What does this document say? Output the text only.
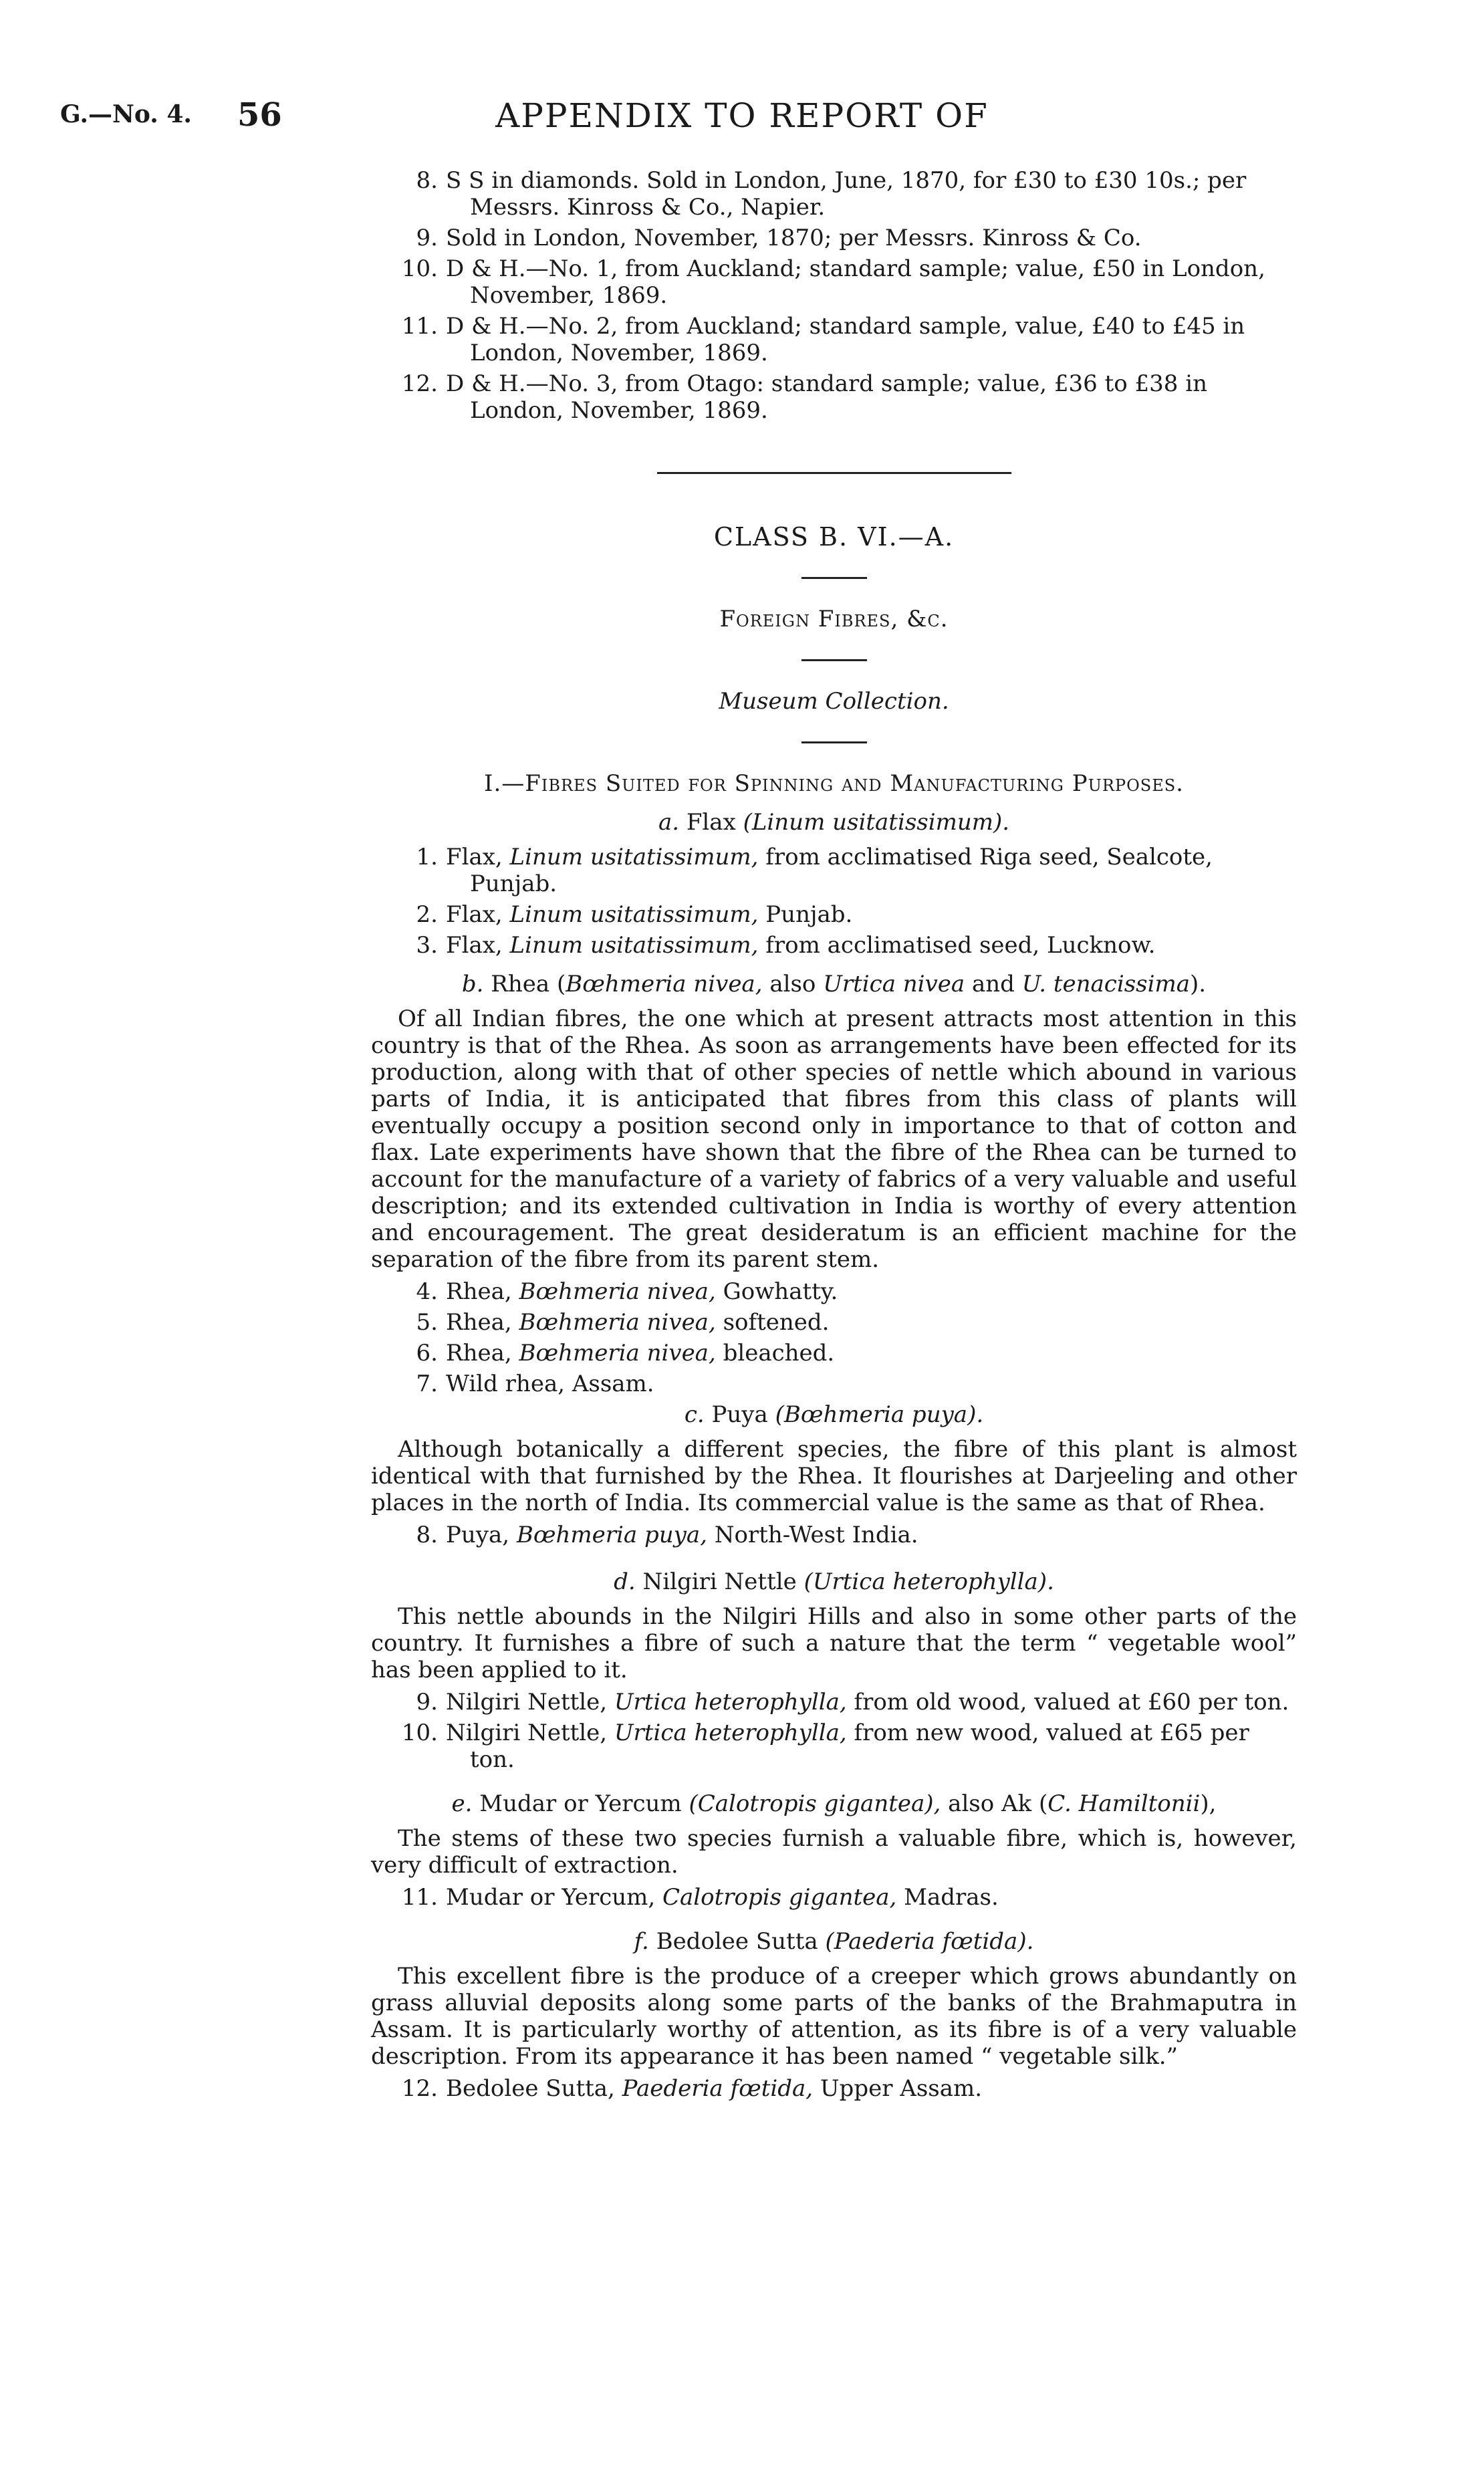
G.—No. 4. 56	APPENDIX TO REPORT OF

8. S S in diamonds. Sold in London, June, 1870, for £30 to £30 10s.; per Messrs. Kinross & Co., Napier.

9. Sold in London, November, 1870; per Messrs. Kinross & Co.

10. D & H.—No. 1, from Auckland; standard sample; value, £50 in London, November, 1869.

11. D & H.—No. 2, from Auckland; standard sample, value, £40 to £45 in London, November, 1869.

12. D & H.—No. 3, from Otago: standard sample; value, £36 to £38 in London, November, 1869.

CLASS B. VI.—A.
Foreign Fibres, &c.
Museum Collection.
I.—Fibres Suited for Spinning and Manufacturing Purposes.
a. Flax (Linum usitatissimum).

1. Flax, Linum usitatissimum, from acclimatised Riga seed, Sealcote, Punjab.

2. Flax, Linum usitatissimum, Punjab.

3. Flax, Linum usitatissimum, from acclimatised seed, Lucknow.

b. Rhea (Bœhmeria nivea, also Urtica nivea and U. tenacissima).

Of all Indian fibres, the one which at present attracts most attention in this country is that of the Rhea. As soon as arrangements have been effected for its production, along with that of other species of nettle which abound in various parts of India, it is anticipated that fibres from this class of plants will eventually occupy a position second only in importance to that of cotton and flax. Late experiments have shown that the fibre of the Rhea can be turned to account for the manufacture of a variety of fabrics of a very valuable and useful description; and its extended cultivation in India is worthy of every attention and encouragement. The great desideratum is an efficient machine for the separation of the fibre from its parent stem.

4. Rhea, Bœhmeria nivea, Gowhatty.

5. Rhea, Bœhmeria nivea, softened.

6. Rhea, Bœhmeria nivea, bleached.

7. Wild rhea, Assam.

c. Puya (Bœhmeria puya).

Although botanically a different species, the fibre of this plant is almost identical with that furnished by the Rhea. It flourishes at Darjeeling and other places in the north of India. Its commercial value is the same as that of Rhea.

8. Puya, Bœhmeria puya, North-West India.

d. Nilgiri Nettle (Urtica heterophylla).

This nettle abounds in the Nilgiri Hills and also in some other parts of the country. It furnishes a fibre of such a nature that the term “ vegetable wool” has been applied to it.

9. Nilgiri Nettle, Urtica heterophylla, from old wood, valued at £60 per ton.

10. Nilgiri Nettle, Urtica heterophylla, from new wood, valued at £65 per ton.

e. Mudar or Yercum (Calotropis gigantea), also Ak (C. Hamiltonii),

The stems of these two species furnish a valuable fibre, which is, however, very difficult of extraction.

11. Mudar or Yercum, Calotropis gigantea, Madras.

f. Bedolee Sutta (Paederia fœtida).

This excellent fibre is the produce of a creeper which grows abundantly on grass alluvial deposits along some parts of the banks of the Brahmaputra in Assam. It is particularly worthy of attention, as its fibre is of a very valuable description. From its appearance it has been named “ vegetable silk.”

12. Bedolee Sutta, Paederia fœtida, Upper Assam.
